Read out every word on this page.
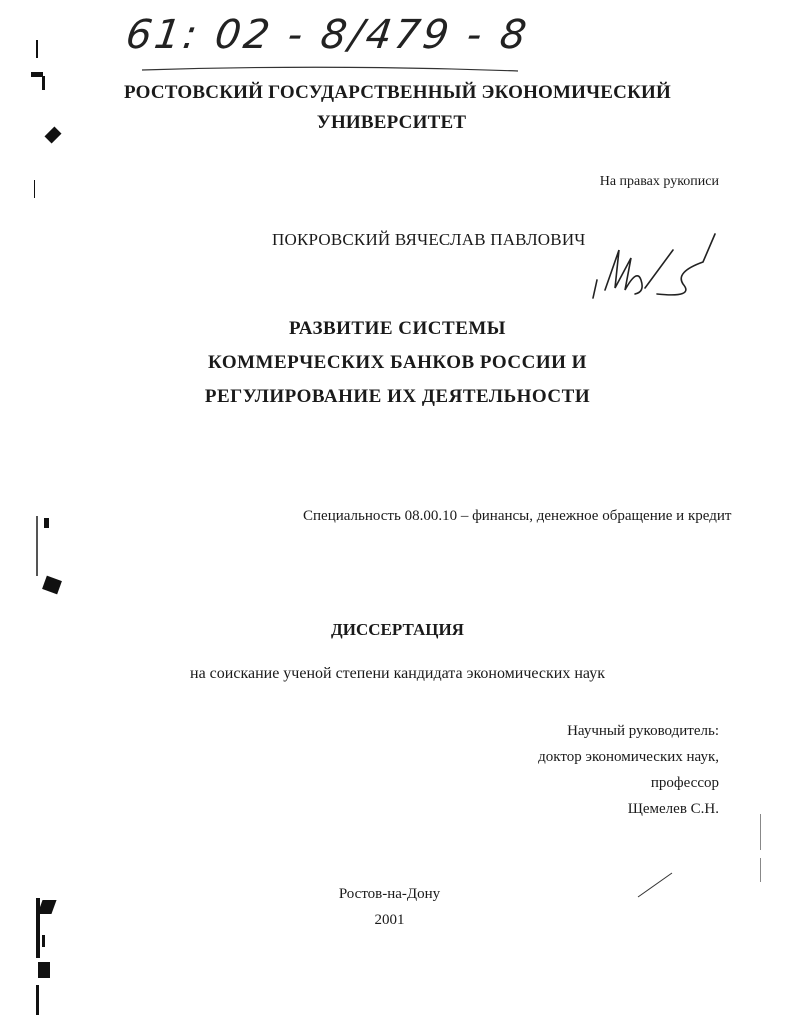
61: 02 - 8/479 - 8
РОСТОВСКИЙ ГОСУДАРСТВЕННЫЙ ЭКОНОМИЧЕСКИЙ
УНИВЕРСИТЕТ
На правах рукописи
ПОКРОВСКИЙ ВЯЧЕСЛАВ ПАВЛОВИЧ
РАЗВИТИЕ СИСТЕМЫ
КОММЕРЧЕСКИХ БАНКОВ РОССИИ И
РЕГУЛИРОВАНИЕ ИХ ДЕЯТЕЛЬНОСТИ
Специальность 08.00.10 – финансы, денежное обращение и кредит
ДИССЕРТАЦИЯ
на соискание ученой степени кандидата экономических наук
Научный руководитель:
доктор экономических наук,
профессор
Щемелев С.Н.
Ростов-на-Дону
2001
